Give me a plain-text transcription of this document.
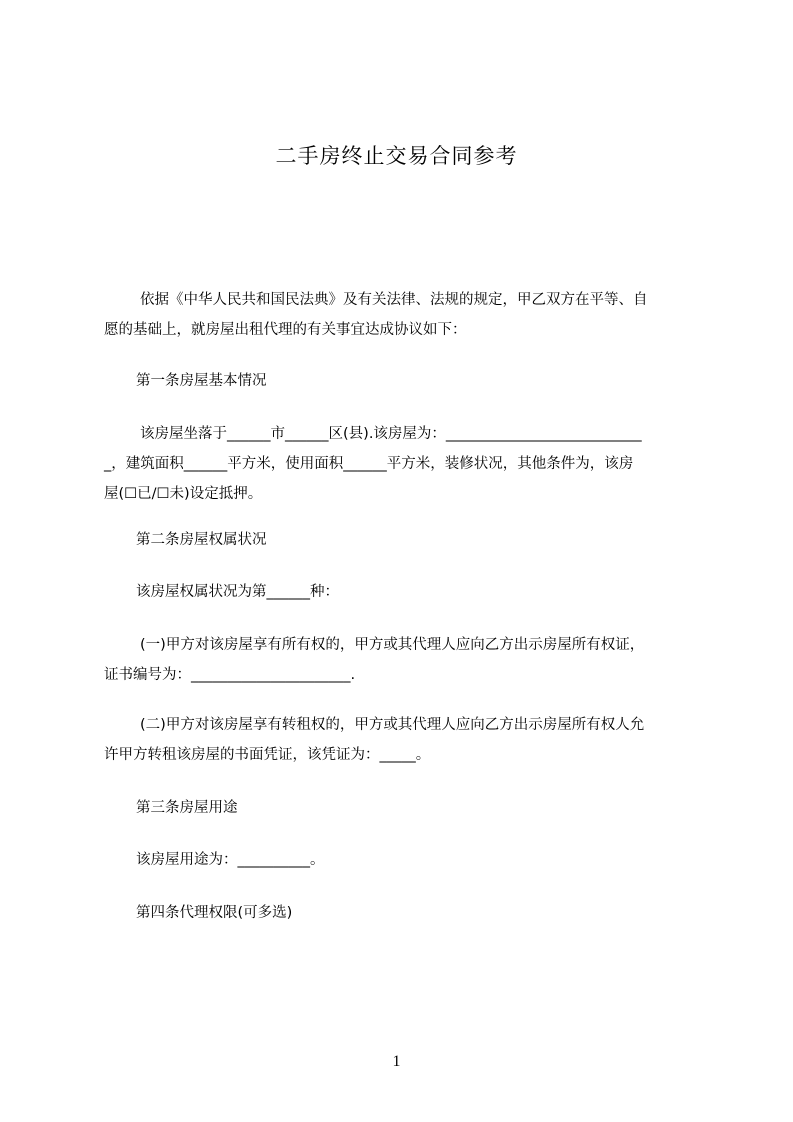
二手房终止交易合同参考
依据《中华人民共和国民法典》及有关法律、法规的规定，甲乙双方在平等、自
愿的基础上，就房屋出租代理的有关事宜达成协议如下：
第一条房屋基本情况
该房屋坐落于______市______区(县).该房屋为：___________________________
_，建筑面积______平方米，使用面积______平方米，装修状况，其他条件为，该房
屋(☐已/☐未)设定抵押。
第二条房屋权属状况
该房屋权属状况为第______种：
(一)甲方对该房屋享有所有权的，甲方或其代理人应向乙方出示房屋所有权证，
证书编号为：______________________.
(二)甲方对该房屋享有转租权的，甲方或其代理人应向乙方出示房屋所有权人允
许甲方转租该房屋的书面凭证，该凭证为：_____。
第三条房屋用途
该房屋用途为：__________。
第四条代理权限(可多选)
1
